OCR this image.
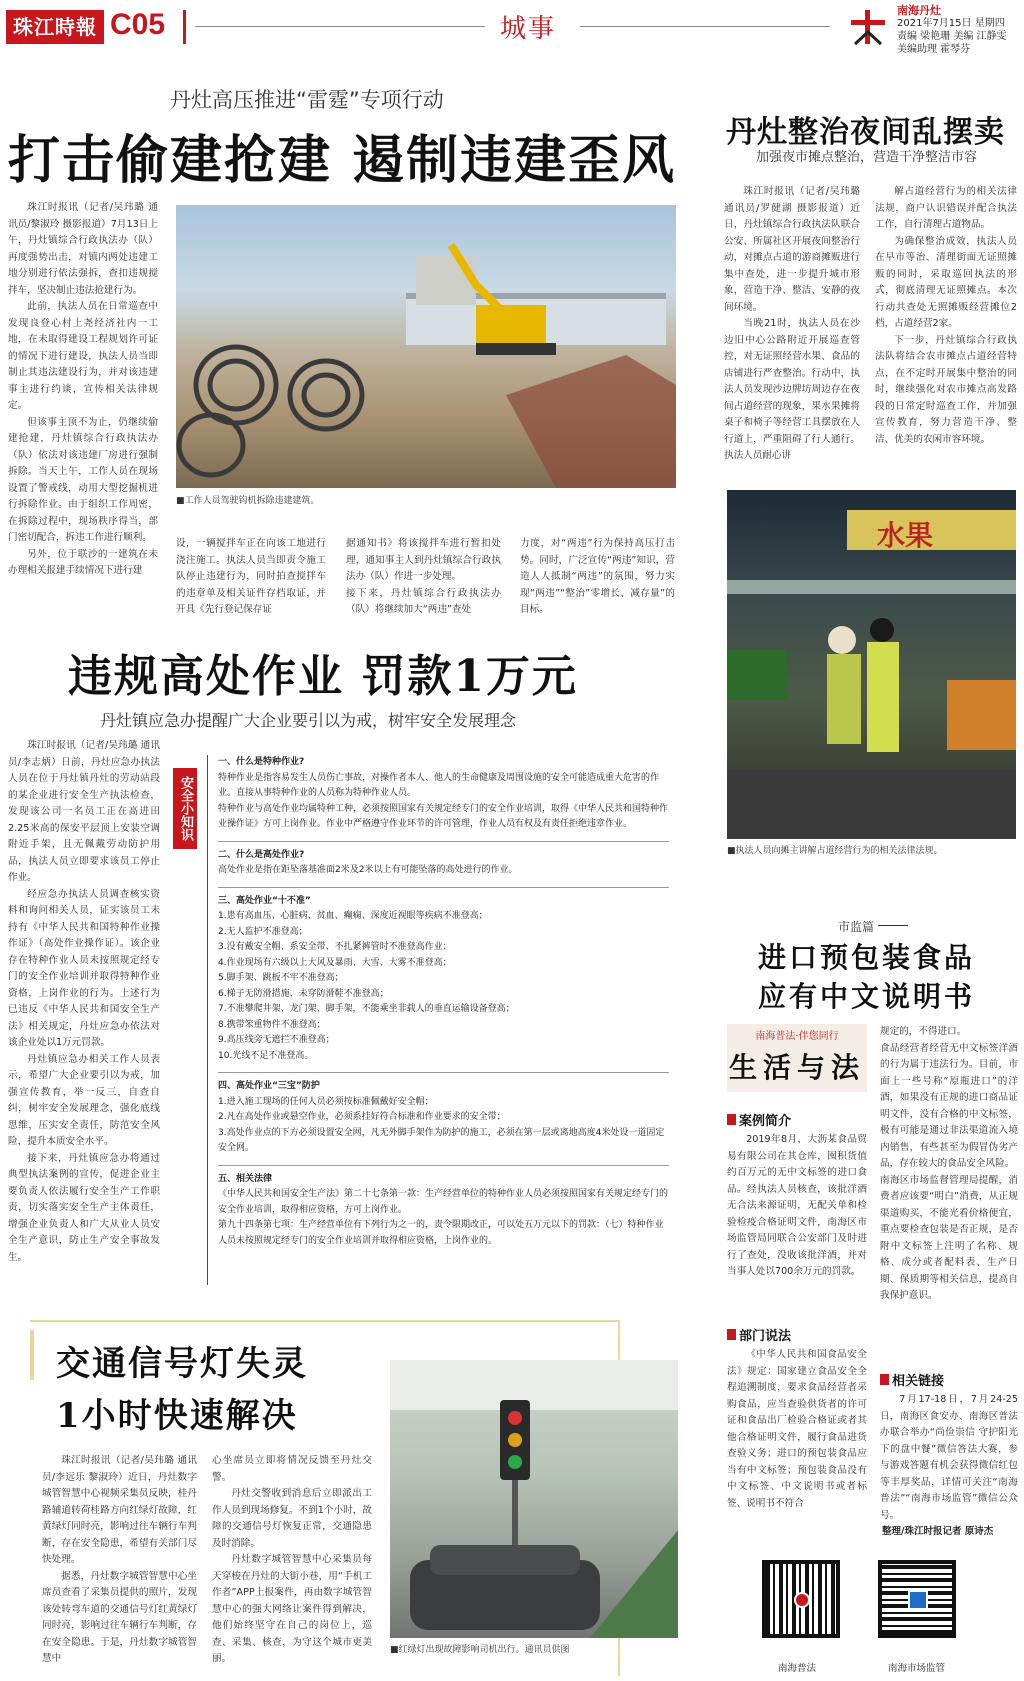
珠江時報 C05	城事
南海丹灶
2021年7月15日 星期四
责编 梁艳珊 美编 江静雯
美编助理 霍琴芬
丹灶高压推进“雷霆”专项行动
打击偷建抢建 遏制违建歪风

珠江时报讯（记者/吴玮璐 通讯员/黎淑玲 摄影报道）7月13日上午，丹灶镇综合行政执法办（队）再度强势出击，对镇内两处违建工地分别进行依法强拆，查扣违规搅拌车，坚决制止违法抢建行为。

此前，执法人员在日常巡查中发现良登心村上尧经济社内一工地，在未取得建设工程规划许可证的情况下进行建设，执法人员当即制止其违法建设行为，并对该违建事主进行约谈，宣传相关法律规定。

但该事主顶不为止，仍继续偷建抢建，丹灶镇综合行政执法办（队）依法对该违建厂房进行强制拆除。当天上午，工作人员在现场设置了警戒线，动用大型挖掘机进行拆除作业。由于组织工作周密，在拆除过程中，现场秩序得当，部门密切配合，拆违工作进行顺利。

另外，位于联沙的一建筑在未办理相关报建手续情况下进行建

■工作人员驾驶钩机拆除违建建筑。
设，一辆搅拌车正在向该工地进行浇注施工。执法人员当即责令施工队停止违建行为，同时拍查搅拌车的违章单及相关证件存档取证，并开具《先行登记保存证
据通知书》将该搅拌车进行暂扣处理，通知事主人到丹灶镇综合行政执法办（队）作进一步处理。
接下来，丹灶镇综合行政执法办（队）将继续加大“两违”查处
力度，对“两违”行为保持高压打击势。同时，广泛宣传“两违”知识，营造人人抵制“两违”的氛围，努力实现“两违”“整治”零增长、减存量”的目标。
丹灶整治夜间乱摆卖
加强夜市摊点整治，营造干净整洁市容

珠江时报讯（记者/吴玮璐 通讯员/罗健湖 摄影报道）近日，丹灶镇综合行政执法队联合公安、所属社区开展夜间整治行动，对摊点占道的游商摊贩进行集中查处，进一步提升城市形象，营造干净、整洁、安静的夜间环境。

当晚21时，执法人员在沙边旧中心公路附近开展巡查管控，对无证照经营水果、食品的店铺进行严查整治。行动中，执法人员发现沙边牌坊周边存在夜间占道经营的现象，果水果摊将桌子和椅子等经营工具摆放在人行道上，严重阻碍了行人通行。执法人员耐心讲

解占道经营行为的相关法律法规，商户认识错误并配合执法工作，自行清理占道物品。

为确保整治成效，执法人员在早市等治、清理街面无证照摊贩的同时，采取巡回执法的形式，彻底清理无证照摊点。本次行动共查处无照摊贩经营摊位2档，占道经营2家。

下一步，丹灶镇综合行政执法队将结合农市摊点占道经营特点，在不定时开展集中整治的同时，继续强化对农市摊点高发路段的日常定时巡查工作，并加强宣传教育，努力营造干净、整洁、优美的农闲市容环境。

水果
■执法人员向摊主讲解占道经营行为的相关法律法规。
违规高处作业 罚款1万元
丹灶镇应急办提醒广大企业要引以为戒，树牢安全发展理念

珠江时报讯（记者/吴玮璐 通讯员/李志炳）日前，丹灶应急办执法人员在位于丹灶镇丹灶的劳动站段的某企业进行安全生产执法检查，发现该公司一名员工正在高进田2.25米高的保安平层顶上安装空调附近手架，且无佩戴劳动防护用品，执法人员立即要求该员工停止作业。

经应急办执法人员调查核实资料和询问相关人员，证实该员工未持有《中华人民共和国特种作业操作证》（高处作业操作证）。该企业存在特种作业人员未按照规定经专门的安全作业培训并取得特种作业资格，上岗作业的行为。上述行为已违反《中华人民共和国安全生产法》相关规定，丹灶应急办依法对该企业处以1万元罚款。

丹灶镇应急办相关工作人员表示，希望广大企业要引以为戒，加强宣传教育，举一反三，自查自纠，树牢安全发展理念，强化底线思维，压实安全责任，防范安全风险，提升本质安全水平。

接下来，丹灶镇应急办将通过典型执法案例的宣传，促进企业主要负责人依法履行安全生产工作职责，切实落实安全生产主体责任，增强企业负责人和广大从业人员安全生产意识，防止生产安全事故发生。

安全小知识
一、什么是特种作业?
特种作业是指容易发生人员伤亡事故，对操作者本人、他人的生命健康及周围设施的安全可能造成重大危害的作业。直接从事特种作业的人员称为特种作业人员。
特种作业与高处作业均属特种工种，必须按照国家有关规定经专门的安全作业培训，取得《中华人民共和国特种作业操作证》方可上岗作业。作业中严格遵守作业环节的许可管理，作业人员有权及有责任拒绝违章作业。
二、什么是高处作业?
高处作业是指在距坠落基准面2米及2米以上有可能坠落的高处进行的作业。
三、高处作业“十不准”
1.患有高血压、心脏病、贫血、癫痫、深度近视眼等疾病不准登高；
2.无人监护不准登高；
3.没有戴安全帽、系安全带、不扎紧裤管时不准登高作业；
4.作业现场有六级以上大风及暴雨、大雪、大雾不准登高；
5.脚手架、跳板不牢不准登高；
6.梯子无防滑措施、未穿防滑鞋不准登高；
7.不准攀爬井架、龙门架、脚手架，不能乘坐非载人的垂直运输设备登高；
8.携带笨重物件不准登高；
9.高压线旁无遮拦不准登高；
10.光线不足不准登高。
四、高处作业“三宝”防护
1.进入施工现场的任何人员必须按标准佩戴好安全帽；
2.凡在高处作业或悬空作业，必须系挂好符合标准和作业要求的安全带；
3.高处作业点的下方必须设置安全网，凡无外脚手架作为防护的施工，必须在第一层或离地高度4米处设一道固定安全网。
五、相关法律
《中华人民共和国安全生产法》第二十七条第一款：生产经营单位的特种作业人员必须按照国家有关规定经专门的安全作业培训，取得相应资格，方可上岗作业。
第九十四条第七项：生产经营单位有下列行为之一的，责令限期改正，可以处五万元以下的罚款：（七）特种作业人员未按照规定经专门的安全作业培训并取得相应资格，上岗作业的。
交通信号灯失灵
1小时快速解决

珠江时报讯（记者/吴玮璐 通讯员/李远乐 黎淑玲）近日，丹灶数字城管智慧中心视频采集员反映，桂丹路辅道转荷桂路方向红绿灯故障，红黄绿灯同时亮，影响过往车辆行车判断，存在安全隐患，希望有关部门尽快处理。

据悉，丹灶数字城管智慧中心坐席员查看了采集员提供的照片，发现该处转弯车道的交通信号灯红黄绿灯同时亮，影响过往车辆行车判断，存在安全隐患。于是，丹灶数字城管智慧中

心坐席员立即将情况反馈至丹灶交警。

丹灶交警收到消息后立即派出工作人员到现场修复。不到1个小时，故障的交通信号灯恢复正常，交通隐患及时消除。

丹灶数字城管智慧中心采集员每天穿梭在丹灶的大街小巷，用“手机工作者”APP上报案件，再由数字城管智慧中心的强大网络让案件得到解决，他们始终坚守在自己的岗位上，巡查、采集、核查，为守这个城市更美丽。

■红绿灯出现故障影响司机出行。通讯员供图
市监篇
进口预包装食品
应有中文说明书
南海普法·伴您同行
生活与法
案例简介
2019年8月，大沥某食品贸易有限公司在其仓库，囤积货值约百万元的无中文标签的进口食品。经执法人员核查，该批洋酒无合法来源证明，无配关单和检验检疫合格证明文件，南海区市场监管局同联合公安部门及时进行了查处，没收该批洋酒，并对当事人处以700余万元的罚款。
部门说法
《中华人民共和国食品安全法》规定：国家建立食品安全全程追溯制度，要求食品经营者采购食品，应当查验供货者的许可证和食品出厂检验合格证或者其他合格证明文件，履行食品进货查验义务；进口的预包装食品应当有中文标签；预包装食品没有中文标签、中文说明书或者标签、说明书不符合
规定的，不得进口。
食品经营者经营无中文标签洋酒的行为属于违法行为。目前，市面上一些号称“原瓶进口”的洋酒，如果没有正规的进口商品证明文件，没有合格的中文标签，极有可能是通过非法渠道流入境内销售，有些甚至为假冒伪劣产品，存在较大的食品安全风险。
南海区市场监督管理局提醒，消费者应该要“明白”消费，从正规渠道购买，不能光看价格便宜，重点要检查包装是否正规，是否附中文标签上注明了名称、规格、成分或者配料表、生产日期、保质期等相关信息，提高自我保护意识。
相关链接
7月17-18日，7月24-25日，南海区食安办、南海区普法办联合举办“尚俭崇信 守护阳光下的盘中餐”微信答法大赛，参与游戏答题有机会获得微信红包等丰厚奖品，详情可关注“南海普法”“南海市场监管”微信公众号。
整理/珠江时报记者 原诗杰
南海普法	南海市场监管
